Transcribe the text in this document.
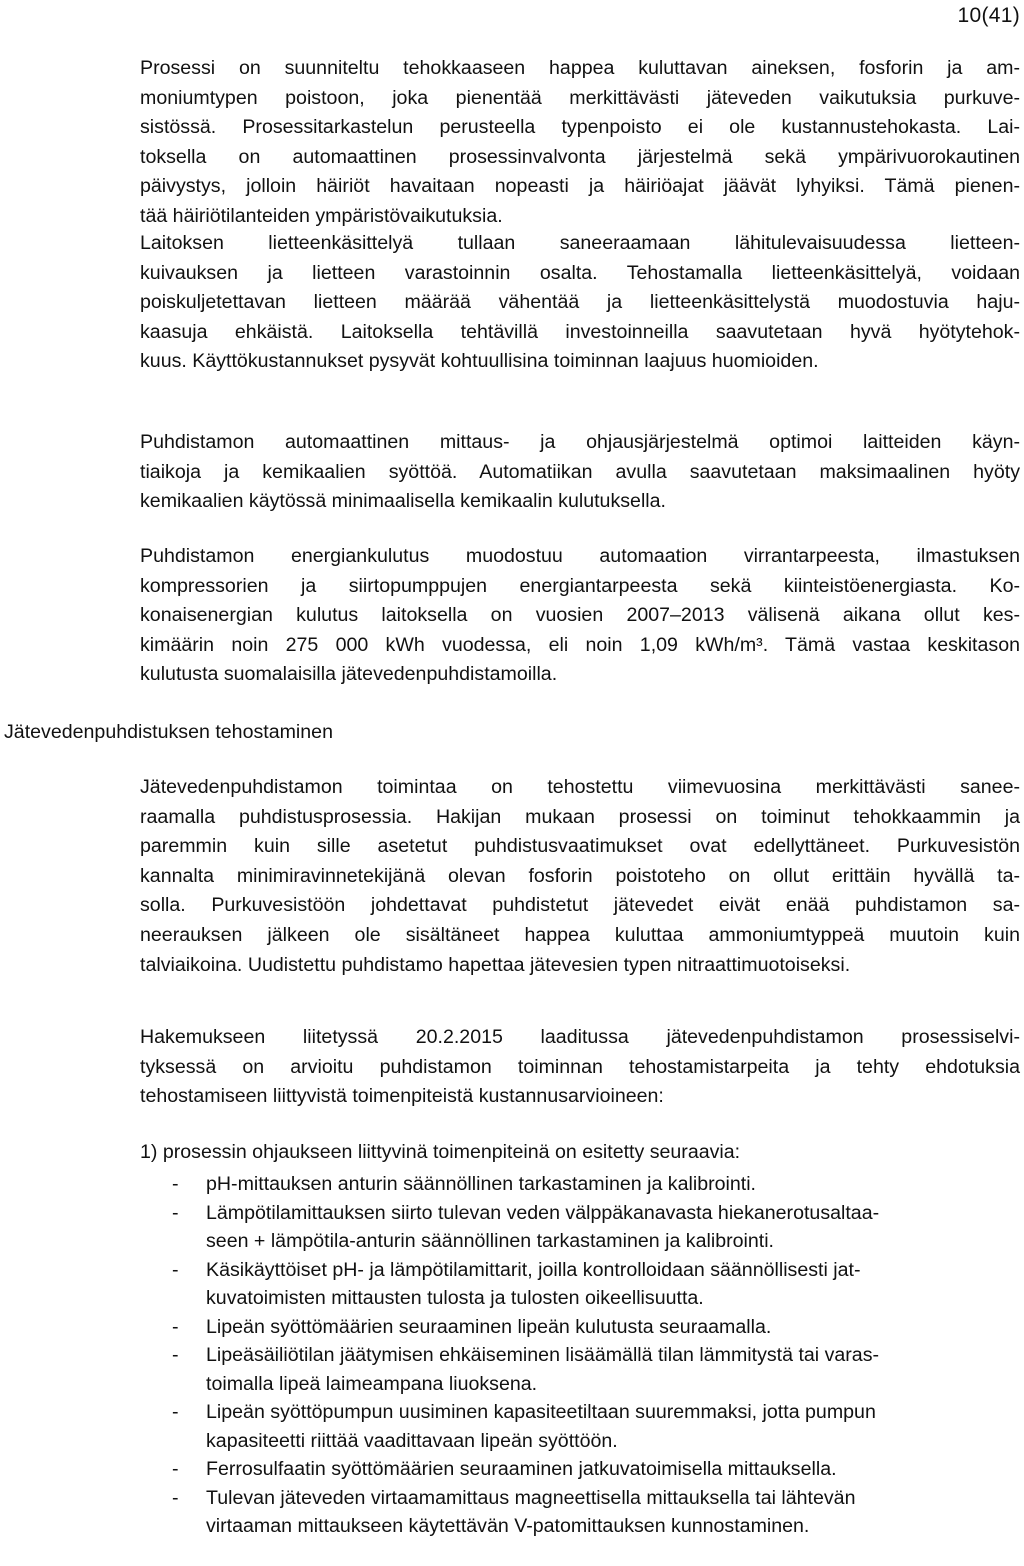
10(41)
Prosessi on suunniteltu tehokkaaseen happea kuluttavan aineksen, fosforin ja am-
moniumtypen poistoon, joka pienentää merkittävästi jäteveden vaikutuksia purkuve-
sistössä. Prosessitarkastelun perusteella typenpoisto ei ole kustannustehokasta. Lai-
toksella on automaattinen prosessinvalvonta järjestelmä sekä ympärivuorokautinen
päivystys, jolloin häiriöt havaitaan nopeasti ja häiriöajat jäävät lyhyiksi. Tämä pienen-
tää häiriötilanteiden ympäristövaikutuksia.
Laitoksen lietteenkäsittelyä tullaan saneeraamaan lähitulevaisuudessa lietteen-
kuivauksen ja lietteen varastoinnin osalta. Tehostamalla lietteenkäsittelyä, voidaan
poiskuljetettavan lietteen määrää vähentää ja lietteenkäsittelystä muodostuvia haju-
kaasuja ehkäistä. Laitoksella tehtävillä investoinneilla saavutetaan hyvä hyötytehok-
kuus. Käyttökustannukset pysyvät kohtuullisina toiminnan laajuus huomioiden.
Puhdistamon automaattinen mittaus- ja ohjausjärjestelmä optimoi laitteiden käyn-
tiaikoja ja kemikaalien syöttöä. Automatiikan avulla saavutetaan maksimaalinen hyöty
kemikaalien käytössä minimaalisella kemikaalin kulutuksella.
Puhdistamon energiankulutus muodostuu automaation virrantarpeesta, ilmastuksen
kompressorien ja siirtopumppujen energiantarpeesta sekä kiinteistöenergiasta. Ko-
konaisenergian kulutus laitoksella on vuosien 2007–2013 välisenä aikana ollut kes-
kimäärin noin 275 000 kWh vuodessa, eli noin 1,09 kWh/m³. Tämä vastaa keskitason
kulutusta suomalaisilla jätevedenpuhdistamoilla.
Jätevedenpuhdistuksen tehostaminen
Jätevedenpuhdistamon toimintaa on tehostettu viimevuosina merkittävästi sanee-
raamalla puhdistusprosessia. Hakijan mukaan prosessi on toiminut tehokkaammin ja
paremmin kuin sille asetetut puhdistusvaatimukset ovat edellyttäneet. Purkuvesistön
kannalta minimiravinnetekijänä olevan fosforin poistoteho on ollut erittäin hyvällä ta-
solla. Purkuvesistöön johdettavat puhdistetut jätevedet eivät enää puhdistamon sa-
neerauksen jälkeen ole sisältäneet happea kuluttaa ammoniumtyppeä muutoin kuin
talviaikoina. Uudistettu puhdistamo hapettaa jätevesien typen nitraattimuotoiseksi.
Hakemukseen liitetyssä 20.2.2015 laaditussa jätevedenpuhdistamon prosessiselvi-
tyksessä on arvioitu puhdistamon toiminnan tehostamistarpeita ja tehty ehdotuksia
tehostamiseen liittyvistä toimenpiteistä kustannusarvioineen:
1) prosessin ohjaukseen liittyvinä toimenpiteinä on esitetty seuraavia:
- pH-mittauksen anturin säännöllinen tarkastaminen ja kalibrointi.
- Lämpötilamittauksen siirto tulevan veden välppäkanavasta hiekanerotusaltaa-
seen + lämpötila-anturin säännöllinen tarkastaminen ja kalibrointi.
- Käsikäyttöiset pH- ja lämpötilamittarit, joilla kontrolloidaan säännöllisesti jat-
kuvatoimisten mittausten tulosta ja tulosten oikeellisuutta.
- Lipeän syöttömäärien seuraaminen lipeän kulutusta seuraamalla.
- Lipeäsäiliötilan jäätymisen ehkäiseminen lisäämällä tilan lämmitystä tai varas-
toimalla lipeä laimeampana liuoksena.
- Lipeän syöttöpumpun uusiminen kapasiteetiltaan suuremmaksi, jotta pumpun
kapasiteetti riittää vaadittavaan lipeän syöttöön.
- Ferrosulfaatin syöttömäärien seuraaminen jatkuvatoimisella mittauksella.
- Tulevan jäteveden virtaamamittaus magneettisella mittauksella tai lähtevän
virtaaman mittaukseen käytettävän V-patomittauksen kunnostaminen.
